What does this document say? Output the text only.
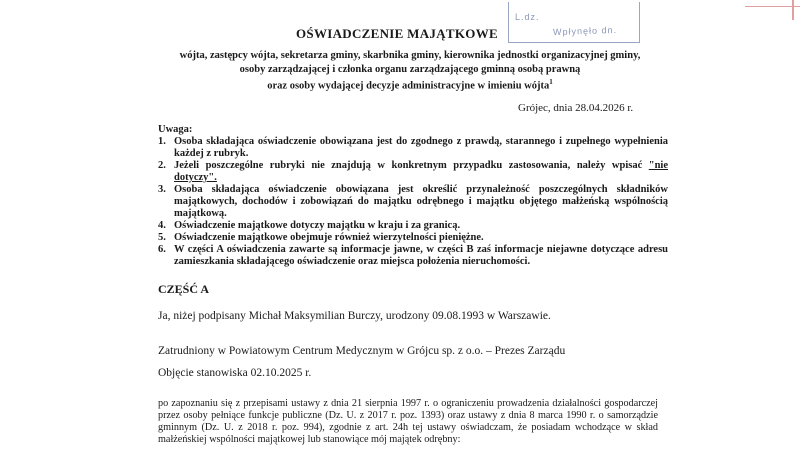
L.dz.
Wpłynęło dn.
OŚWIADCZENIE MAJĄTKOWE
wójta, zastępcy wójta, sekretarza gminy, skarbnika gminy, kierownika jednostki organizacyjnej gminy,
osoby zarządzającej i członka organu zarządzającego gminną osobą prawną
oraz osoby wydającej decyzje administracyjne w imieniu wójta$^1$
Grójec, dnia 28.04.2026 r.
Uwaga:
1. Osoba składająca oświadczenie obowiązana jest do zgodnego z prawdą, starannego i zupełnego wypełnienia każdej z rubryk.
2. Jeżeli poszczególne rubryki nie znajdują w konkretnym przypadku zastosowania, należy wpisać "nie dotyczy".
3. Osoba składająca oświadczenie obowiązana jest określić przynależność poszczególnych składników majątkowych, dochodów i zobowiązań do majątku odrębnego i majątku objętego małżeńską wspólnością majątkową.
4. Oświadczenie majątkowe dotyczy majątku w kraju i za granicą.
5. Oświadczenie majątkowe obejmuje również wierzytelności pieniężne.
6. W części A oświadczenia zawarte są informacje jawne, w części B zaś informacje niejawne dotyczące adresu zamieszkania składającego oświadczenie oraz miejsca położenia nieruchomości.
CZĘŚĆ A
Ja, niżej podpisany Michał Maksymilian Burczy, urodzony 09.08.1993 w Warszawie.
Zatrudniony w Powiatowym Centrum Medycznym w Grójcu sp. z o.o. – Prezes Zarządu
Objęcie stanowiska 02.10.2025 r.
po zapoznaniu się z przepisami ustawy z dnia 21 sierpnia 1997 r. o ograniczeniu prowadzenia działalności gospodarczej przez osoby pełniące funkcje publiczne (Dz. U. z 2017 r. poz. 1393) oraz ustawy z dnia 8 marca 1990 r. o samorządzie gminnym (Dz. U. z 2018 r. poz. 994), zgodnie z art. 24h tej ustawy oświadczam, że posiadam wchodzące w skład małżeńskiej wspólności majątkowej lub stanowiące mój majątek odrębny:
